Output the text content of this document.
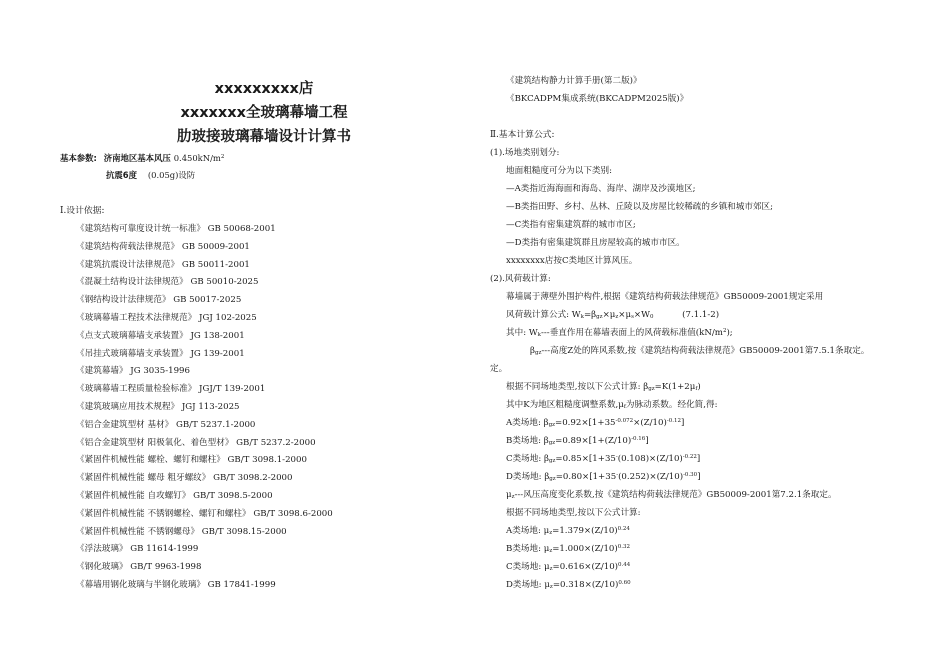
xxxxxxxxx店
xxxxxxx全玻璃幕墙工程
肋玻接玻璃幕墙设计计算书
基本参数: 济南地区基本风压 $0.450kN/m^2$
抗震6度 (0.05g)设防
Ⅰ.设计依据:
《建筑结构可靠度设计统一标准》 GB 50068-2001
《建筑结构荷载法律规范》 GB 50009-2001
《建筑抗震设计法律规范》 GB 50011-2001
《混凝土结构设计法律规范》 GB 50010-2025
《钢结构设计法律规范》 GB 50017-2025
《玻璃幕墙工程技术法律规范》 JGJ 102-2025
《点支式玻璃幕墙支承装置》 JG 138-2001
《吊挂式玻璃幕墙支承装置》 JG 139-2001
《建筑幕墙》 JG 3035-1996
《玻璃幕墙工程质量检验标准》 JGJ/T 139-2001
《建筑玻璃应用技术规程》 JGJ 113-2025
《铝合金建筑型材 基材》 GB/T 5237.1-2000
《铝合金建筑型材 阳极氧化、着色型材》 GB/T 5237.2-2000
《紧固件机械性能 螺栓、螺钉和螺柱》 GB/T 3098.1-2000
《紧固件机械性能 螺母 粗牙螺纹》 GB/T 3098.2-2000
《紧固件机械性能 自攻螺钉》 GB/T 3098.5-2000
《紧固件机械性能 不锈钢螺栓、螺钉和螺柱》 GB/T 3098.6-2000
《紧固件机械性能 不锈钢螺母》 GB/T 3098.15-2000
《浮法玻璃》 GB 11614-1999
《钢化玻璃》 GB/T 9963-1998
《幕墙用钢化玻璃与半钢化玻璃》 GB 17841-1999
《建筑结构静力计算手册(第二版)》
《BKCADPM集成系统(BKCADPM2025版)》
Ⅱ.基本计算公式:
(1).场地类别划分:
地面粗糙度可分为以下类别:
—A类指近海海面和海岛、海岸、湖岸及沙漠地区;
—B类指田野、乡村、丛林、丘陵以及房屋比较稀疏的乡镇和城市郊区;
—C类指有密集建筑群的城市市区;
—D类指有密集建筑群且房屋较高的城市市区。
xxxxxxxx店按C类地区计算风压。
(2).风荷载计算:
幕墙属于薄壁外围护构件,根据《建筑结构荷载法律规范》GB50009-2001规定采用
风荷载计算公式: $W_k=\beta_{gz}\times\mu_z\times\mu_s\times W_0$	(7.1.1-2)
其中: $W_k---$垂直作用在幕墙表面上的风荷载标准值$(kN/m^2)$;
$\beta_{gz}---$高度Z处的阵风系数,按《建筑结构荷载法律规范》GB50009-2001第7.5.1条取定。
定。
根据不同场地类型,按以下公式计算: $\beta_{gz}=K(1+2\mu_f)$
其中K为地区粗糙度调整系数$,\mu_f$为脉动系数。经化简,得:
A类场地: $\beta_{gz}=0.92\times[1+35^{-0.072}\times(Z/10)^{-0.12}]$
B类场地: $\beta_{gz}=0.89\times[1+(Z/10)^{-0.16}]$
C类场地: $\beta_{gz}=0.85\times[1+35^-(0.108)\times(Z/10)^{-0.22}]$
D类场地: $\beta_{gz}=0.80\times[1+35^-(0.252)\times(Z/10)^{-0.30}]$
$\mu_z---$风压高度变化系数,按《建筑结构荷载法律规范》GB50009-2001第7.2.1条取定。
根据不同场地类型,按以下公式计算:
A类场地: $\mu_z=1.379\times(Z/10)^{0.24}$
B类场地: $\mu_z=1.000\times(Z/10)^{0.32}$
C类场地: $\mu_z=0.616\times(Z/10)^{0.44}$
D类场地: $\mu_z=0.318\times(Z/10)^{0.60}$
